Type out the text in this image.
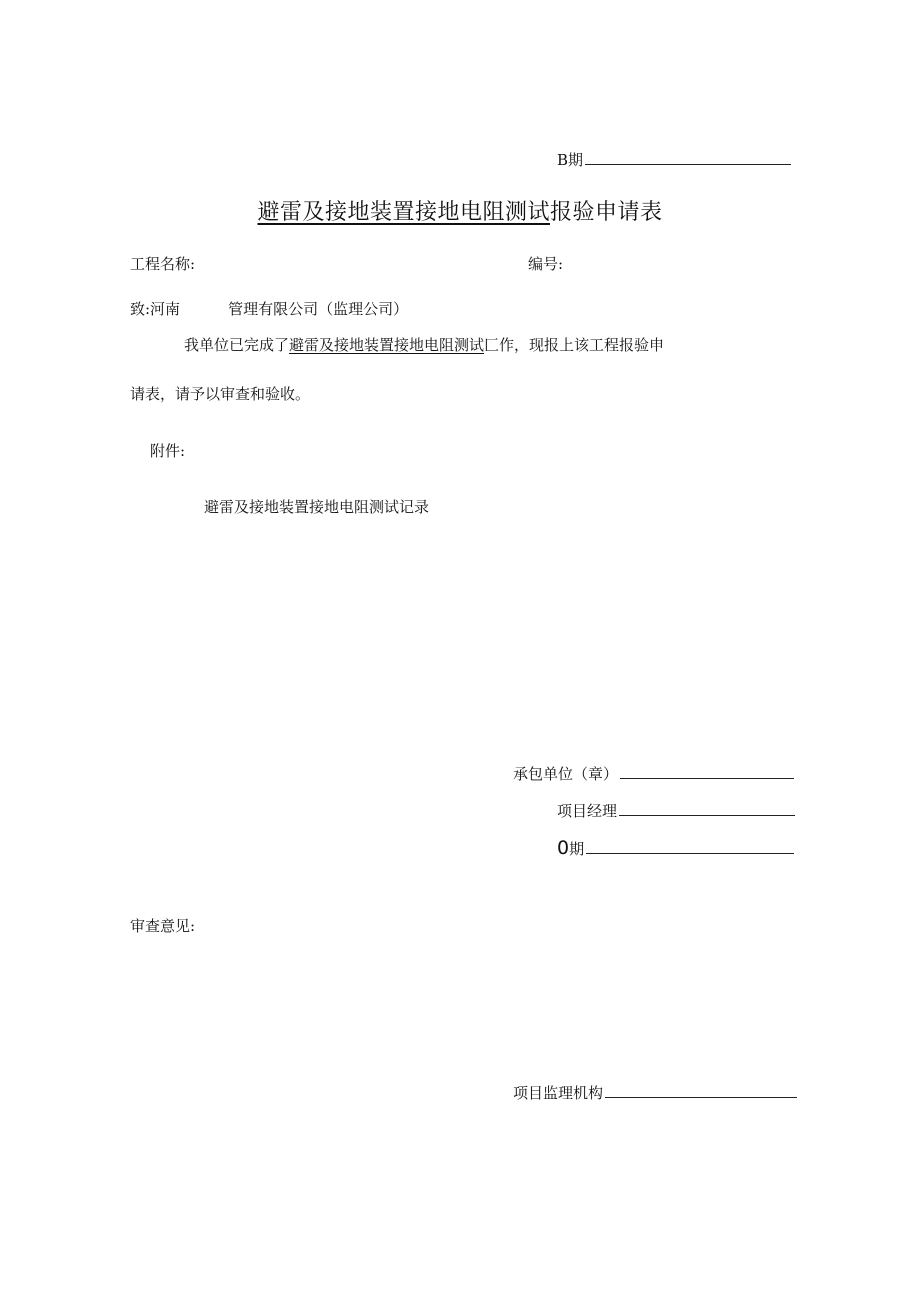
B期
避雷及接地装置接地电阻测试报验申请表
工程名称:	编号:
致:河南	管理有限公司（监理公司）
我单位已完成了避雷及接地装置接地电阻测试匚作，现报上该工程报验申
请表，请予以审查和验收。
附件:
避雷及接地装置接地电阻测试记录
承包单位（章）
项目经理
0期
审查意见:
项目监理机构
